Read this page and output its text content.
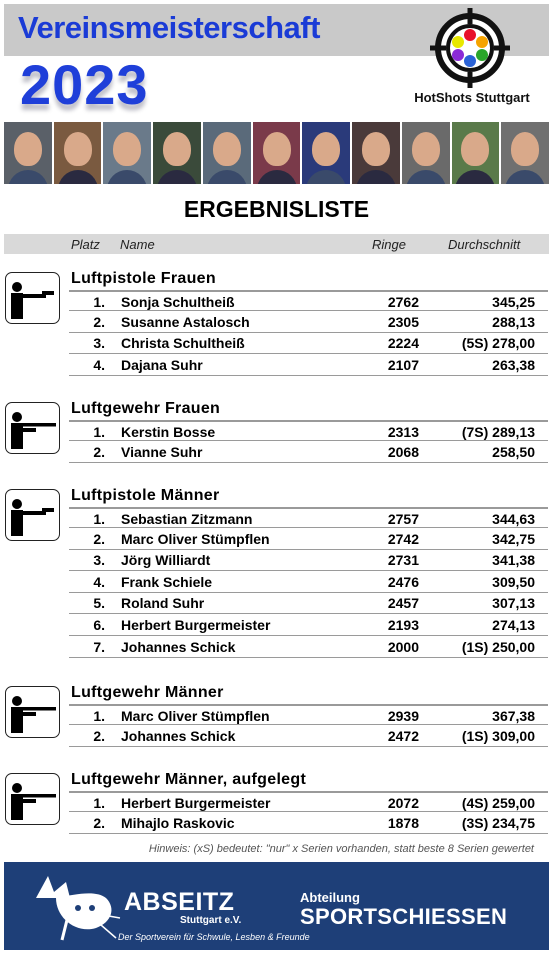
Vereinsmeisterschaft
2023	HotShots Stuttgart
ERGEBNISLISTE
Platz Name	Ringe	Durchschnitt
Luftpistole Frauen
1. Sonja Schultheiß	2762	345,25
2. Susanne Astalosch	2305	288,13
3. Christa Schultheiß	2224	(5S) 278,00
4. Dajana Suhr	2107	263,38
Luftgewehr Frauen
1. Kerstin Bosse	2313	(7S) 289,13
2. Vianne Suhr	2068	258,50
Luftpistole Männer
1. Sebastian Zitzmann	2757	344,63
2. Marc Oliver Stümpflen	2742	342,75
3. Jörg Williardt	2731	341,38
4. Frank Schiele	2476	309,50
5. Roland Suhr	2457	307,13
6. Herbert Burgermeister	2193	274,13
7. Johannes Schick	2000	(1S) 250,00
Luftgewehr Männer
1. Marc Oliver Stümpflen	2939	367,38
2. Johannes Schick	2472	(1S) 309,00
Luftgewehr Männer, aufgelegt
1. Herbert Burgermeister	2072	(4S) 259,00
2. Mihajlo Raskovic	1878	(3S) 234,75
Hinweis: (xS) bedeutet: "nur" x Serien vorhanden, statt beste 8 Serien gewertet
ABSEITZ
Stuttgart e.V.
Der Sportverein für Schwule, Lesben & Freunde
Abteilung
SPORTSCHIESSEN
